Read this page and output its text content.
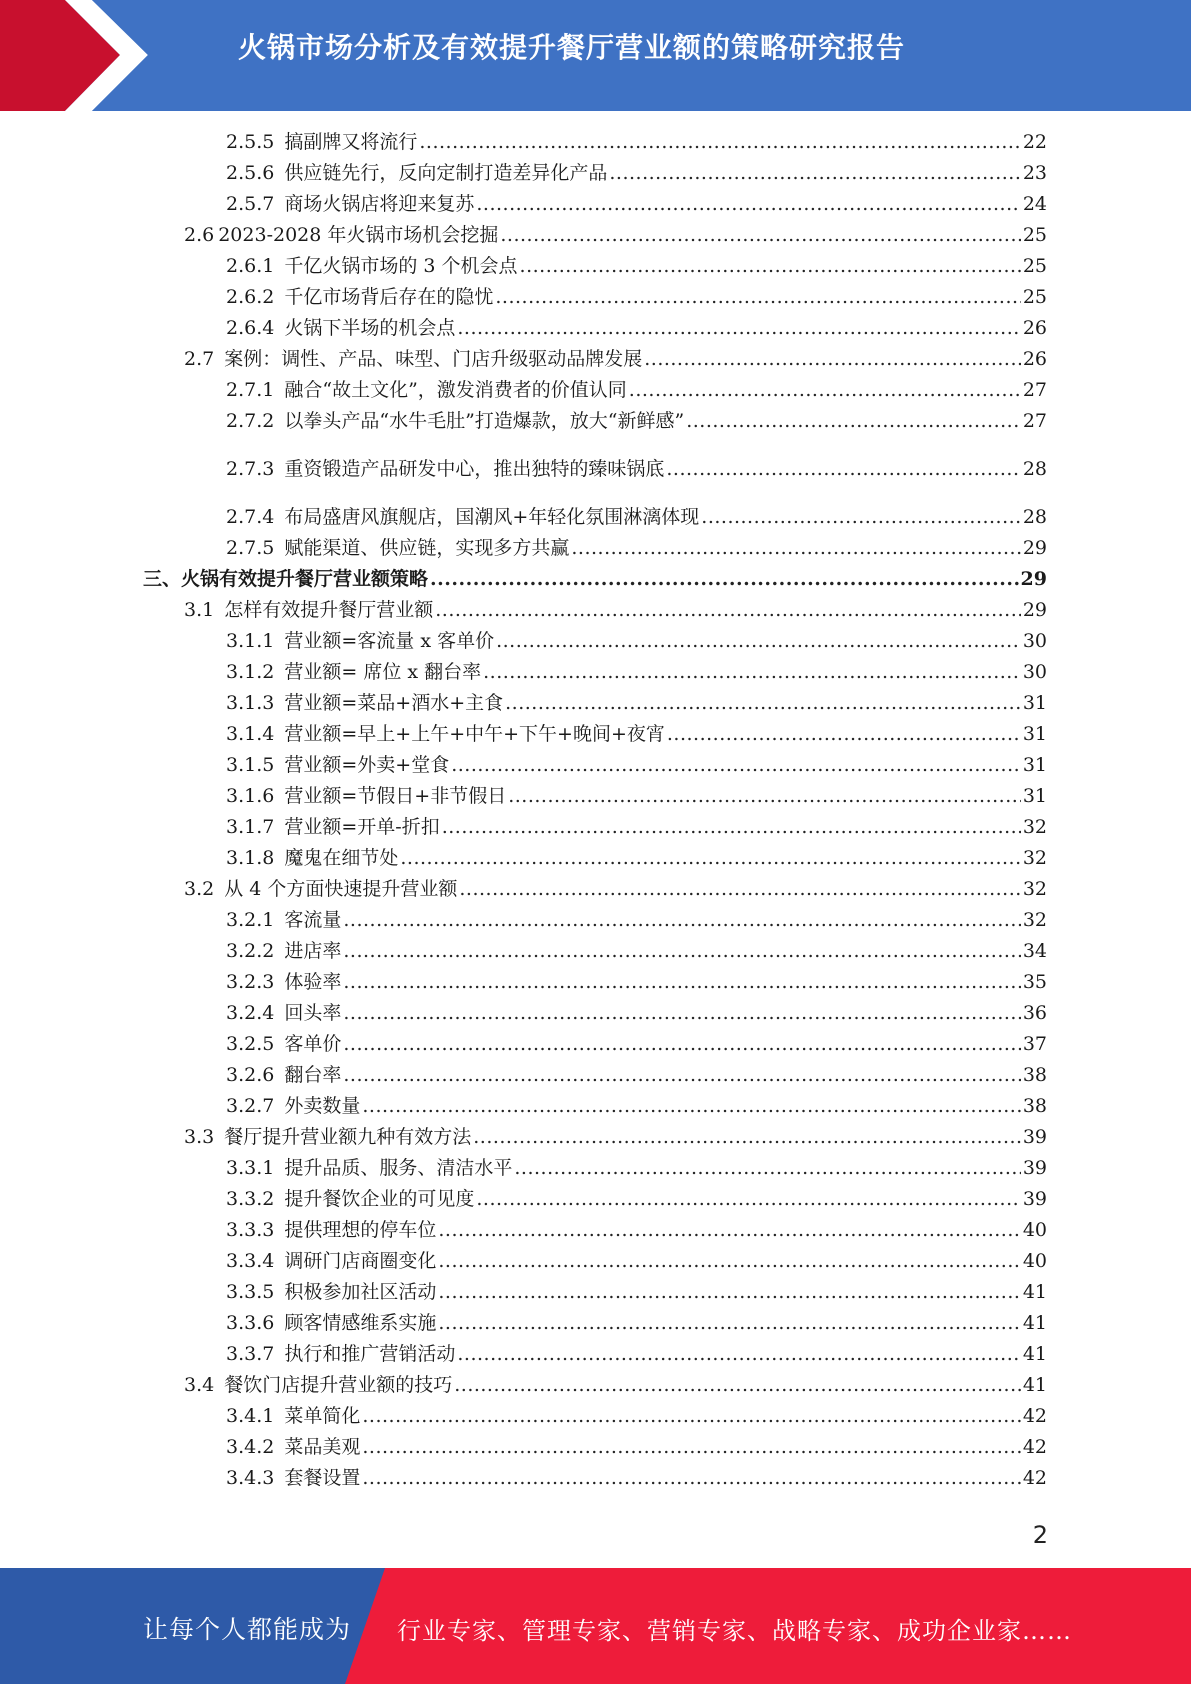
火锅市场分析及有效提升餐厅营业额的策略研究报告
2.5.5 搞副牌又将流行 .....	22
2.5.6 供应链先行，反向定制打造差异化产品 .....	23
2.5.7 商场火锅店将迎来复苏 .....	24
2.6 2023-2028 年火锅市场机会挖掘 .....	25
2.6.1 千亿火锅市场的 3 个机会点 .....	25
2.6.2 千亿市场背后存在的隐忧 .....	25
2.6.4 火锅下半场的机会点 .....	26
2.7 案例：调性、产品、味型、门店升级驱动品牌发展 .....	26
2.7.1 融合“故土文化”，激发消费者的价值认同 .....	27
2.7.2 以拳头产品“水牛毛肚”打造爆款，放大“新鲜感” .....	27
2.7.3 重资锻造产品研发中心，推出独特的臻味锅底 .....	28
2.7.4 布局盛唐风旗舰店，国潮风+年轻化氛围淋漓体现 .....	28
2.7.5 赋能渠道、供应链，实现多方共赢 .....	29
三、 火锅有效提升餐厅营业额策略 .....	29
3.1 怎样有效提升餐厅营业额 .....	29
3.1.1 营业额=客流量 x 客单价 .....	30
3.1.2 营业额= 席位 x 翻台率 .....	30
3.1.3 营业额=菜品+酒水+主食 .....	31
3.1.4 营业额=早上+上午+中午+下午+晚间+夜宵 .....	31
3.1.5 营业额=外卖+堂食 .....	31
3.1.6 营业额=节假日+非节假日 .....	31
3.1.7 营业额=开单-折扣 .....	32
3.1.8 魔鬼在细节处 .....	32
3.2 从 4 个方面快速提升营业额 .....	32
3.2.1 客流量 .....	32
3.2.2 进店率 .....	34
3.2.3 体验率 .....	35
3.2.4 回头率 .....	36
3.2.5 客单价 .....	37
3.2.6 翻台率 .....	38
3.2.7 外卖数量 .....	38
3.3 餐厅提升营业额九种有效方法 .....	39
3.3.1 提升品质、服务、清洁水平 .....	39
3.3.2 提升餐饮企业的可见度 .....	39
3.3.3 提供理想的停车位 .....	40
3.3.4 调研门店商圈变化 .....	40
3.3.5 积极参加社区活动 .....	41
3.3.6 顾客情感维系实施 .....	41
3.3.7 执行和推广营销活动 .....	41
3.4 餐饮门店提升营业额的技巧 .....	41
3.4.1 菜单简化 .....	42
3.4.2 菜品美观 .....	42
3.4.3 套餐设置 .....	42
2
让每个人都能成为 行业专家、管理专家、营销专家、战略专家、成功企业家……
